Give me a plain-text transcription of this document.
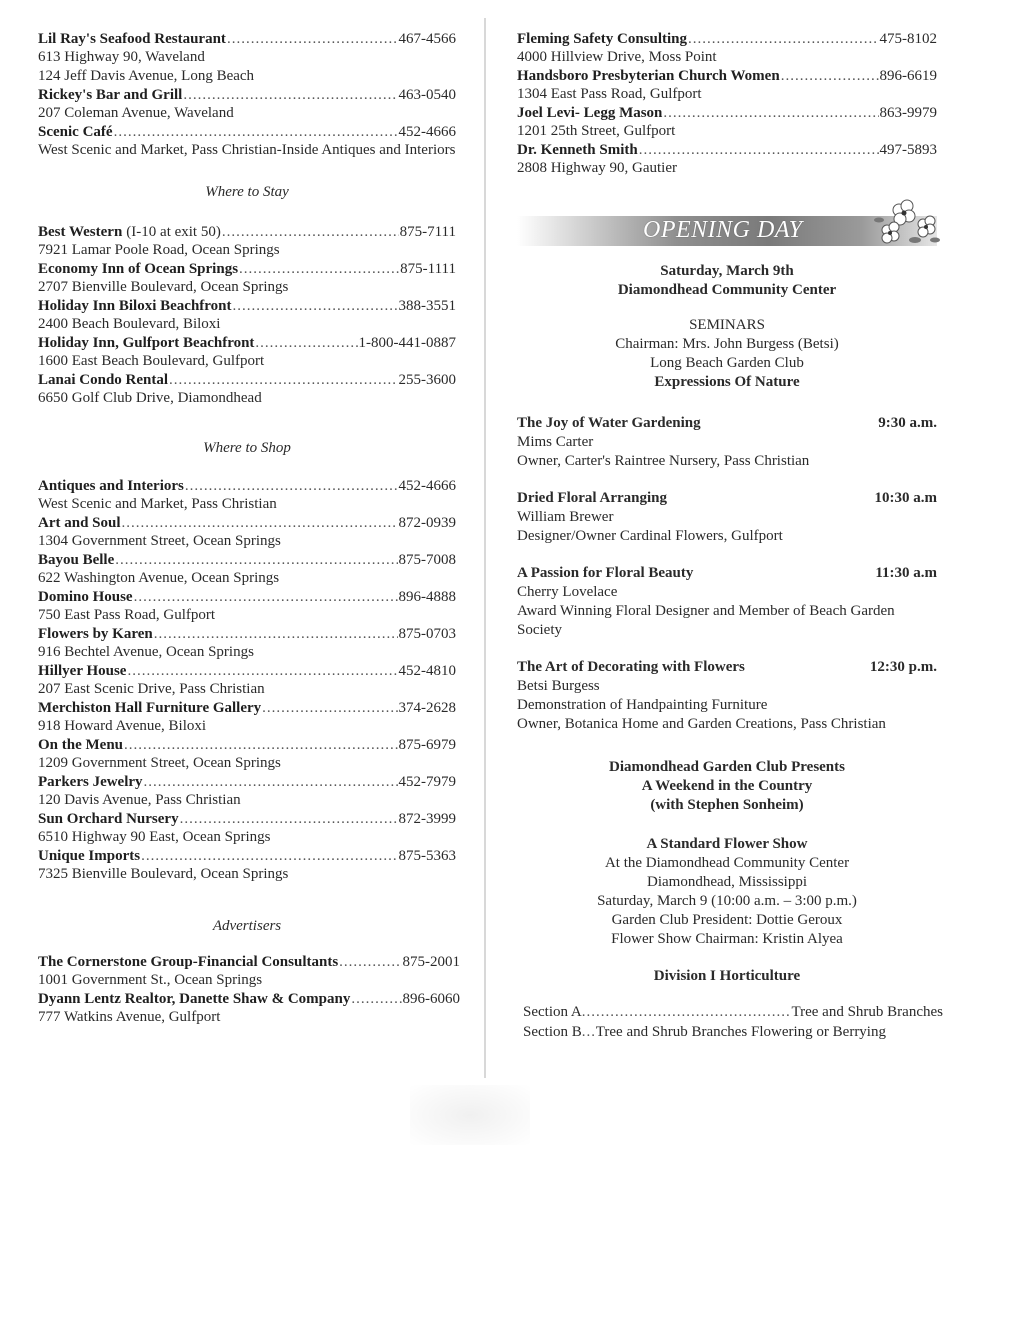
Lil Ray's Seafood Restaurant .....	467-4566

613 Highway 90, Waveland
124 Jeff Davis Avenue, Long Beach

Rickey's Bar and Grill .....	463-0540

207 Coleman Avenue, Waveland

Scenic Café .....	452-4666

West Scenic and Market, Pass Christian-Inside Antiques and Interiors

Where to Stay

Best Western (I-10 at exit 50) .....	875-7111

7921 Lamar Poole Road, Ocean Springs

Economy Inn of Ocean Springs .....	875-1111

2707 Bienville Boulevard, Ocean Springs

Holiday Inn Biloxi Beachfront .....	388-3551

2400 Beach Boulevard, Biloxi

Holiday Inn, Gulfport Beachfront .....	1-800-441-0887

1600 East Beach Boulevard, Gulfport

Lanai Condo Rental .....	255-3600

6650 Golf Club Drive, Diamondhead

Where to Shop

Antiques and Interiors .....	452-4666

West Scenic and Market, Pass Christian

Art and Soul .....	872-0939

1304 Government Street, Ocean Springs

Bayou Belle .....	875-7008

622 Washington Avenue, Ocean Springs

Domino House .....	896-4888

750 East Pass Road, Gulfport

Flowers by Karen .....	875-0703

916 Bechtel Avenue, Ocean Springs

Hillyer House .....	452-4810

207 East Scenic Drive, Pass Christian

Merchiston Hall Furniture Gallery .....	374-2628

918 Howard Avenue, Biloxi

On the Menu .....	875-6979

1209 Government Street, Ocean Springs

Parkers Jewelry .....	452-7979

120 Davis Avenue, Pass Christian

Sun Orchard Nursery .....	872-3999

6510 Highway 90 East, Ocean Springs

Unique Imports .....	875-5363

7325 Bienville Boulevard, Ocean Springs

Advertisers

The Cornerstone Group-Financial Consultants .....	875-2001

1001 Government St., Ocean Springs

Dyann Lentz Realtor, Danette Shaw & Company .....	896-6060

777 Watkins Avenue, Gulfport

Fleming Safety Consulting .....	475-8102

4000 Hillview Drive, Moss Point

Handsboro Presbyterian Church Women .....	896-6619

1304 East Pass Road, Gulfport

Joel Levi- Legg Mason .....	863-9979

1201 25th Street, Gulfport

Dr. Kenneth Smith .....	497-5893

2808 Highway 90, Gautier

OPENING DAY

Saturday, March 9th

Diamondhead Community Center

SEMINARS

Chairman: Mrs. John Burgess (Betsi)

Long Beach Garden Club

Expressions Of Nature

The Joy of Water Gardening	9:30 a.m.

Mims Carter

Owner, Carter's Raintree Nursery, Pass Christian

Dried Floral Arranging	10:30 a.m

William Brewer

Designer/Owner Cardinal Flowers, Gulfport

A Passion for Floral Beauty	11:30 a.m

Cherry Lovelace

Award Winning Floral Designer and Member of Beach Garden Society

The Art of Decorating with Flowers	12:30 p.m.

Betsi Burgess

Demonstration of Handpainting Furniture

Owner, Botanica Home and Garden Creations, Pass Christian

Diamondhead Garden Club Presents

A Weekend in the Country

(with Stephen Sonheim)

A Standard Flower Show

At the Diamondhead Community Center

Diamondhead, Mississippi

Saturday, March 9 (10:00 a.m. – 3:00 p.m.)

Garden Club President: Dottie Geroux

Flower Show Chairman: Kristin Alyea

Division I Horticulture

Section A .....	Tree and Shrub Branches
Section B ..... Tree and Shrub Branches Flowering or Berrying
